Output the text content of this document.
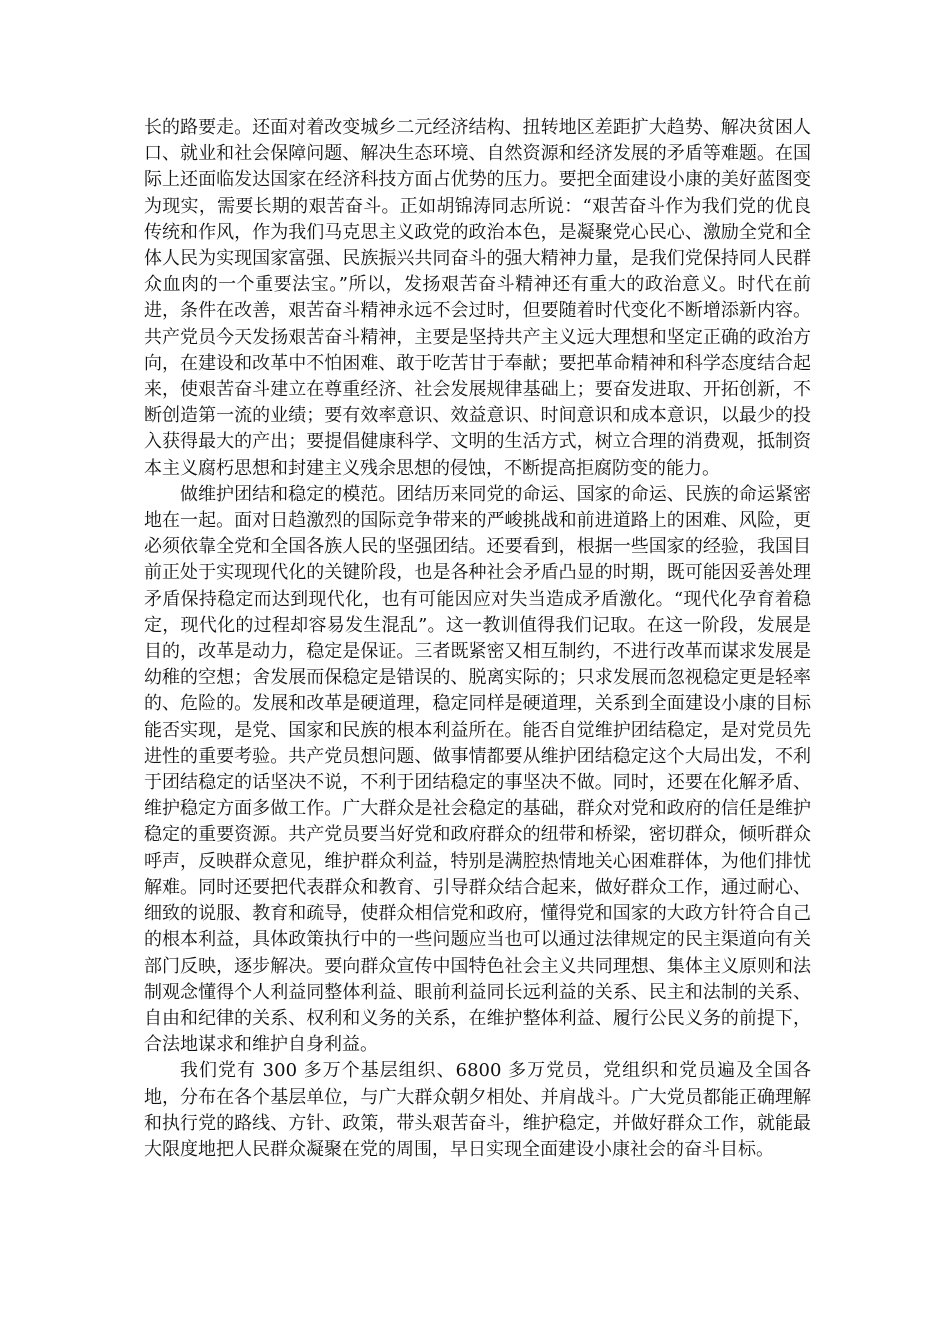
长的路要走。还面对着改变城乡二元经济结构、扭转地区差距扩大趋势、解决贫困人口、就业和社会保障问题、解决生态环境、自然资源和经济发展的矛盾等难题。在国际上还面临发达国家在经济科技方面占优势的压力。要把全面建设小康的美好蓝图变为现实，需要长期的艰苦奋斗。正如胡锦涛同志所说：“艰苦奋斗作为我们党的优良传统和作风，作为我们马克思主义政党的政治本色，是凝聚党心民心、激励全党和全体人民为实现国家富强、民族振兴共同奋斗的强大精神力量，是我们党保持同人民群众血肉的一个重要法宝。”所以，发扬艰苦奋斗精神还有重大的政治意义。时代在前进，条件在改善，艰苦奋斗精神永远不会过时，但要随着时代变化不断增添新内容。共产党员今天发扬艰苦奋斗精神，主要是坚持共产主义远大理想和坚定正确的政治方向，在建设和改革中不怕困难、敢于吃苦甘于奉献；要把革命精神和科学态度结合起来，使艰苦奋斗建立在尊重经济、社会发展规律基础上；要奋发进取、开拓创新，不断创造第一流的业绩；要有效率意识、效益意识、时间意识和成本意识，以最少的投入获得最大的产出；要提倡健康科学、文明的生活方式，树立合理的消费观，抵制资本主义腐朽思想和封建主义残余思想的侵蚀，不断提高拒腐防变的能力。

做维护团结和稳定的模范。团结历来同党的命运、国家的命运、民族的命运紧密地在一起。面对日趋激烈的国际竞争带来的严峻挑战和前进道路上的困难、风险，更必须依靠全党和全国各族人民的坚强团结。还要看到，根据一些国家的经验，我国目前正处于实现现代化的关键阶段，也是各种社会矛盾凸显的时期，既可能因妥善处理矛盾保持稳定而达到现代化，也有可能因应对失当造成矛盾激化。“现代化孕育着稳定，现代化的过程却容易发生混乱”。这一教训值得我们记取。在这一阶段，发展是目的，改革是动力，稳定是保证。三者既紧密又相互制约，不进行改革而谋求发展是幼稚的空想；舍发展而保稳定是错误的、脱离实际的；只求发展而忽视稳定更是轻率的、危险的。发展和改革是硬道理，稳定同样是硬道理，关系到全面建设小康的目标能否实现，是党、国家和民族的根本利益所在。能否自觉维护团结稳定，是对党员先进性的重要考验。共产党员想问题、做事情都要从维护团结稳定这个大局出发，不利于团结稳定的话坚决不说，不利于团结稳定的事坚决不做。同时，还要在化解矛盾、维护稳定方面多做工作。广大群众是社会稳定的基础，群众对党和政府的信任是维护稳定的重要资源。共产党员要当好党和政府群众的纽带和桥梁，密切群众，倾听群众呼声，反映群众意见，维护群众利益，特别是满腔热情地关心困难群体，为他们排忧解难。同时还要把代表群众和教育、引导群众结合起来，做好群众工作，通过耐心、细致的说服、教育和疏导，使群众相信党和政府，懂得党和国家的大政方针符合自己的根本利益，具体政策执行中的一些问题应当也可以通过法律规定的民主渠道向有关部门反映，逐步解决。要向群众宣传中国特色社会主义共同理想、集体主义原则和法制观念懂得个人利益同整体利益、眼前利益同长远利益的关系、民主和法制的关系、自由和纪律的关系、权利和义务的关系，在维护整体利益、履行公民义务的前提下，合法地谋求和维护自身利益。

我们党有 300 多万个基层组织、6800 多万党员，党组织和党员遍及全国各地，分布在各个基层单位，与广大群众朝夕相处、并肩战斗。广大党员都能正确理解和执行党的路线、方针、政策，带头艰苦奋斗，维护稳定，并做好群众工作，就能最大限度地把人民群众凝聚在党的周围，早日实现全面建设小康社会的奋斗目标。
